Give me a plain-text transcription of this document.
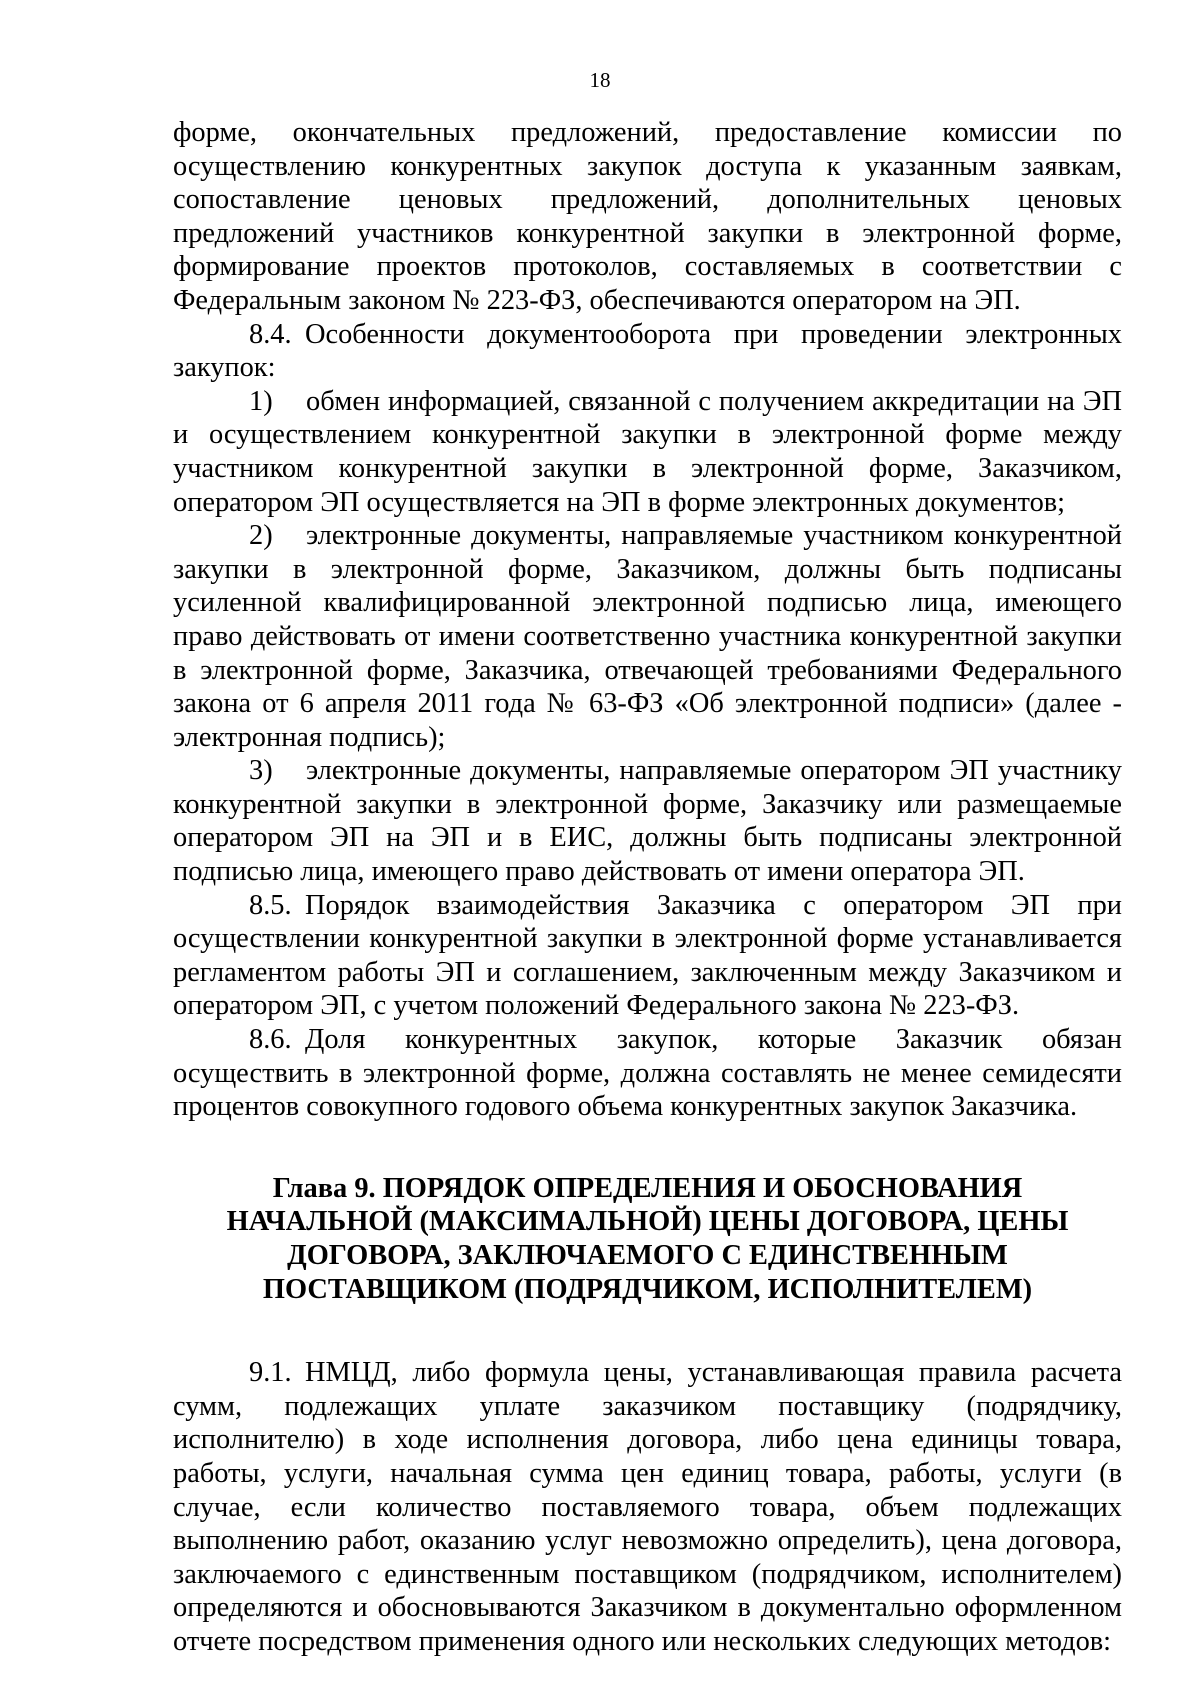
18

форме, окончательных предложений, предоставление комиссии по осуществлению конкурентных закупок доступа к указанным заявкам, сопоставление ценовых предложений, дополнительных ценовых предложений участников конкурентной закупки в электронной форме, формирование проектов протоколов, составляемых в соответствии с Федеральным законом № 223-ФЗ, обеспечиваются оператором на ЭП.

8.4. Особенности документооборота при проведении электронных закупок:

1) обмен информацией, связанной с получением аккредитации на ЭП и осуществлением конкурентной закупки в электронной форме между участником конкурентной закупки в электронной форме, Заказчиком, оператором ЭП осуществляется на ЭП в форме электронных документов;

2) электронные документы, направляемые участником конкурентной закупки в электронной форме, Заказчиком, должны быть подписаны усиленной квалифицированной электронной подписью лица, имеющего право действовать от имени соответственно участника конкурентной закупки в электронной форме, Заказчика, отвечающей требованиями Федерального закона от 6 апреля 2011 года № 63-ФЗ «Об электронной подписи» (далее - электронная подпись);

3) электронные документы, направляемые оператором ЭП участнику конкурентной закупки в электронной форме, Заказчику или размещаемые оператором ЭП на ЭП и в ЕИС, должны быть подписаны электронной подписью лица, имеющего право действовать от имени оператора ЭП.

8.5. Порядок взаимодействия Заказчика с оператором ЭП при осуществлении конкурентной закупки в электронной форме устанавливается регламентом работы ЭП и соглашением, заключенным между Заказчиком и оператором ЭП, с учетом положений Федерального закона № 223-ФЗ.

8.6. Доля конкурентных закупок, которые Заказчик обязан осуществить в электронной форме, должна составлять не менее семидесяти процентов совокупного годового объема конкурентных закупок Заказчика.

Глава 9. ПОРЯДОК ОПРЕДЕЛЕНИЯ И ОБОСНОВАНИЯ
НАЧАЛЬНОЙ (МАКСИМАЛЬНОЙ) ЦЕНЫ ДОГОВОРА, ЦЕНЫ
ДОГОВОРА, ЗАКЛЮЧАЕМОГО С ЕДИНСТВЕННЫМ
ПОСТАВЩИКОМ (ПОДРЯДЧИКОМ, ИСПОЛНИТЕЛЕМ)

9.1. НМЦД, либо формула цены, устанавливающая правила расчета сумм, подлежащих уплате заказчиком поставщику (подрядчику, исполнителю) в ходе исполнения договора, либо цена единицы товара, работы, услуги, начальная сумма цен единиц товара, работы, услуги (в случае, если количество поставляемого товара, объем подлежащих выполнению работ, оказанию услуг невозможно определить), цена договора, заключаемого с единственным поставщиком (подрядчиком, исполнителем) определяются и обосновываются Заказчиком в документально оформленном отчете посредством применения одного или нескольких следующих методов:
